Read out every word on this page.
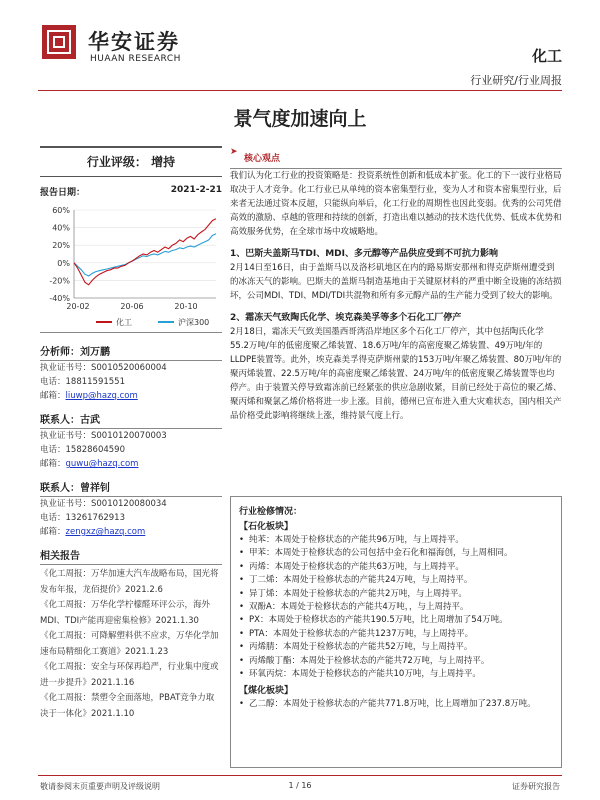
华安证券
HUAAN RESEARCH	化工
行业研究/行业周报
景气度加速向上
行业评级： 增持
报告日期：	2021-2-21
60%
40%
20%
0%
-20%
-40%
20-02	20-06	20-10
化工	沪深300
分析师：刘万鹏
执业证书号：S0010520060004
电话：18811591551
邮箱：liuwp@hazq.com
联系人：古武
执业证书号：S0010120070003
电话：15828604590
邮箱：guwu@hazq.com
联系人：曾祥钊
执业证书号：S0010120080034
电话：13261762913
邮箱：zengxz@hazq.com
相关报告
《化工周报：万华加速大汽车战略布局，国光将发布年报，龙佰提价》2021.2.6
《化工周报：万华化学柠檬醛环评公示，海外MDI、TDI产能再迎密集检修》2021.1.30
《化工周报：可降解塑料供不应求，万华化学加速布局精细化工赛道》2021.1.23
《化工周报：安全与环保再趋严，行业集中度或进一步提升》2021.1.16
《化工周报：禁塑令全面落地，PBAT竞争力取决于一体化》2021.1.10
➤
核心观点

我们认为化工行业的投资策略是：投资系统性创新和低成本扩张。化工的下一波行业格局取决于人才竞争。化工行业已从单纯的资本密集型行业，变为人才和资本密集型行业，后来者无法通过资本反超，只能纵向举后，化工行业的周期性也因此变弱。优秀的公司凭借高效的激励、卓越的管理和持续的创新，打造出难以撼动的技术迭代优势、低成本优势和高效服务优势，在全球市场中攻城略地。

1、巴斯夫盖斯马TDI、MDI、多元醇等产品供应受到不可抗力影响

2月14日至16日，由于盖斯马以及洛杉矶地区在内的路易斯安那州和得克萨斯州遭受到的冰冻天气的影响。巴斯夫的盖斯马制造基地由于关键原材料的严重中断全设施的冻结损坏，公司MDI、TDI、MDI/TDI共混物和所有多元醇产品的生产能力受到了较大的影响。

2、霜冻天气致陶氏化学、埃克森美孚等多个石化工厂停产

2月18日，霜冻天气致美国墨西哥湾沿岸地区多个石化工厂停产，其中包括陶氏化学55.2万吨/年的低密度聚乙烯装置、18.6万吨/年的高密度聚乙烯装置、49万吨/年的LLDPE装置等。此外，埃克森美孚得克萨斯州蒙的153万吨/年聚乙烯装置、80万吨/年的聚丙烯装置、22.5万吨/年的高密度聚乙烯装置、24万吨/年的低密度聚乙烯装置等也均停产。由于装置关停导致霜冻前已经紧张的供应急剧收紧，目前已经处于高位的聚乙烯、聚丙烯和聚氯乙烯价格将进一步上涨。目前，德州已宣布进入重大灾难状态，国内相关产品价格受此影响将继续上涨，维持景气度上行。

行业检修情况：
【石化板块】
• 纯苯：本周处于检修状态的产能共96万吨，与上周持平。
• 甲苯：本周处于检修状态的公司包括中金石化和福海创，与上周相同。
• 丙烯：本周处于检修状态的产能共63万吨，与上周持平。
• 丁二烯：本周处于检修状态的产能共24万吨，与上周持平。
• 异丁烯：本周处于检修状态的产能共2万吨，与上周持平。
• 双酚A：本周处于检修状态的产能共4万吨，，与上周持平。
• PX：本周处于检修状态的产能共190.5万吨，比上周增加了54万吨。
• PTA：本周处于检修状态的产能共1237万吨，与上周持平。
• 丙烯腈：本周处于检修状态的产能共52万吨，与上周持平。
• 丙烯酸丁酯：本周处于检修状态的产能共72万吨，与上周持平。
• 环氧丙烷：本周处于检修状态的产能共10万吨，与上周持平。
【煤化板块】
• 乙二醇：本周处于检修状态的产能共771.8万吨，比上周增加了237.8万吨。
敬请参阅末页重要声明及评级说明	1 / 16	证券研究报告
